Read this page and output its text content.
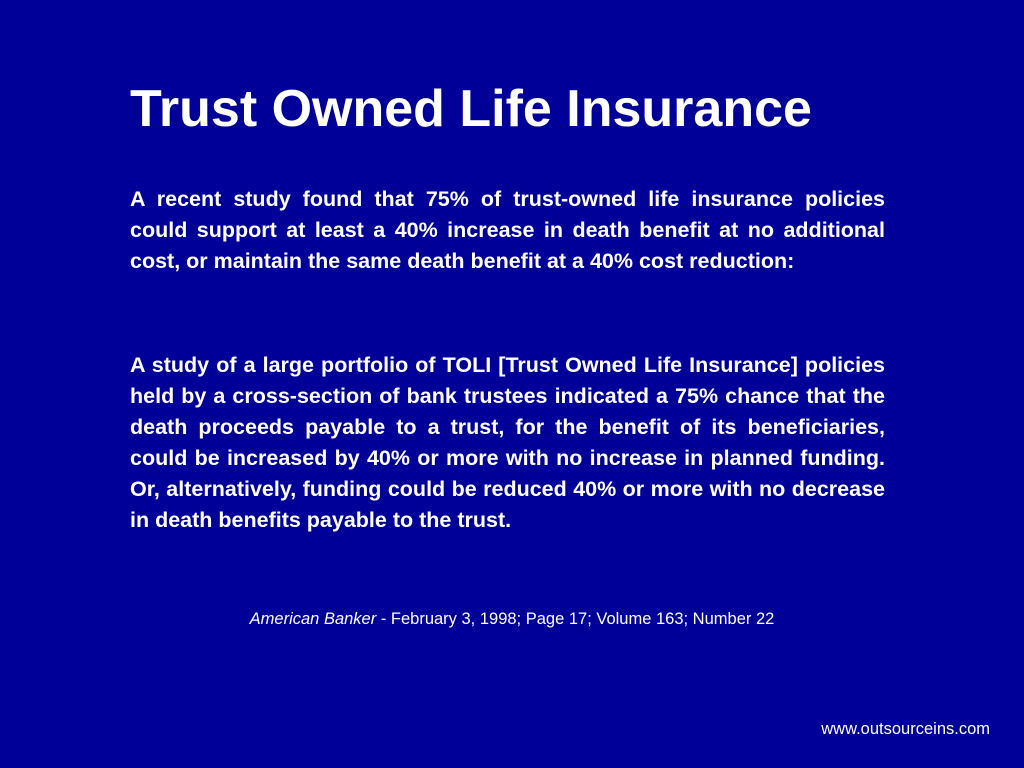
Trust Owned Life Insurance

A recent study found that 75% of trust-owned life insurance policies could support at least a 40% increase in death benefit at no additional cost, or maintain the same death benefit at a 40% cost reduction:

A study of a large portfolio of TOLI [Trust Owned Life Insurance] policies held by a cross-section of bank trustees indicated a 75% chance that the death proceeds payable to a trust, for the benefit of its beneficiaries, could be increased by 40% or more with no increase in planned funding. Or, alternatively, funding could be reduced 40% or more with no decrease in death benefits payable to the trust.

American Banker - February 3, 1998; Page 17; Volume 163; Number 22

www.outsourceins.com
